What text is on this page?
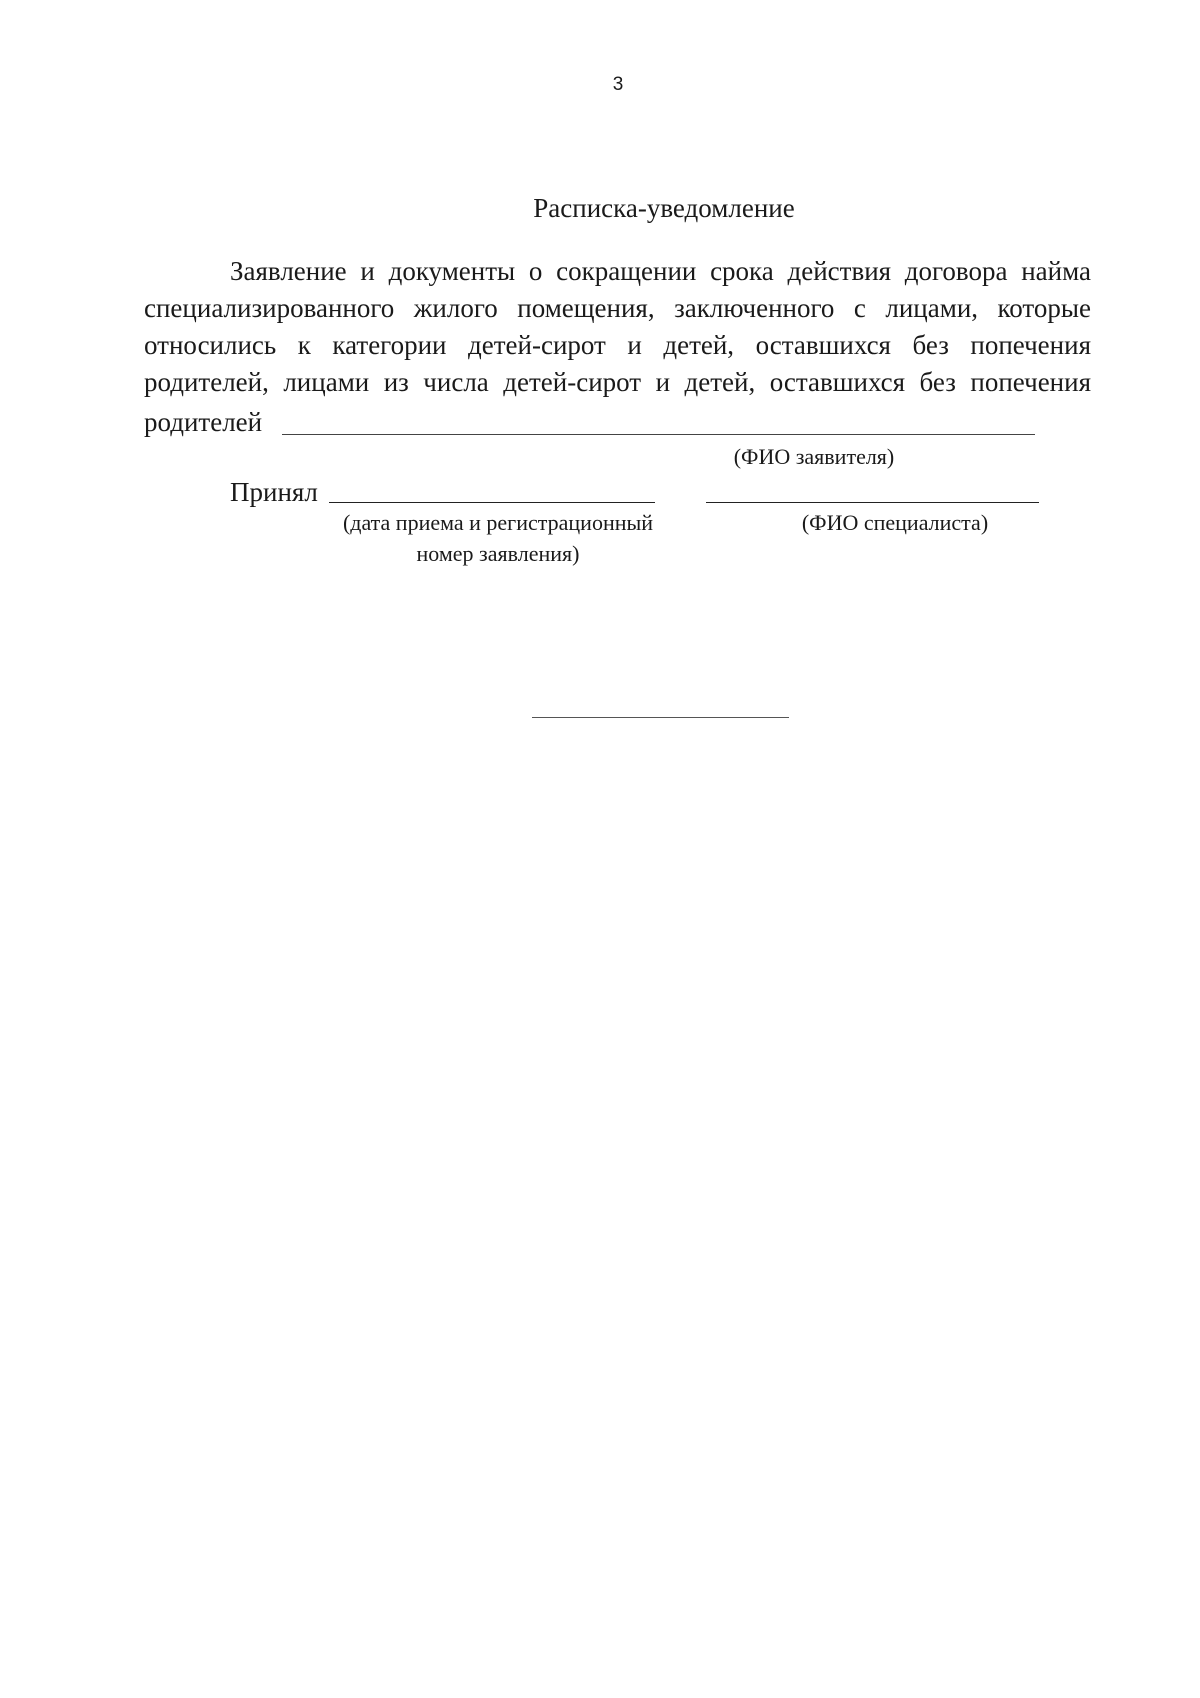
3
Расписка-уведомление

Заявление и документы о сокращении срока действия договора найма специализированного жилого помещения, заключенного с лицами, которые относились к категории детей-сирот и детей, оставшихся без попечения родителей, лицами из числа детей-сирот и детей, оставшихся без попечения

родителей
(ФИО заявителя)
Принял
(дата приема и регистрационный номер заявления)
(ФИО специалиста)
